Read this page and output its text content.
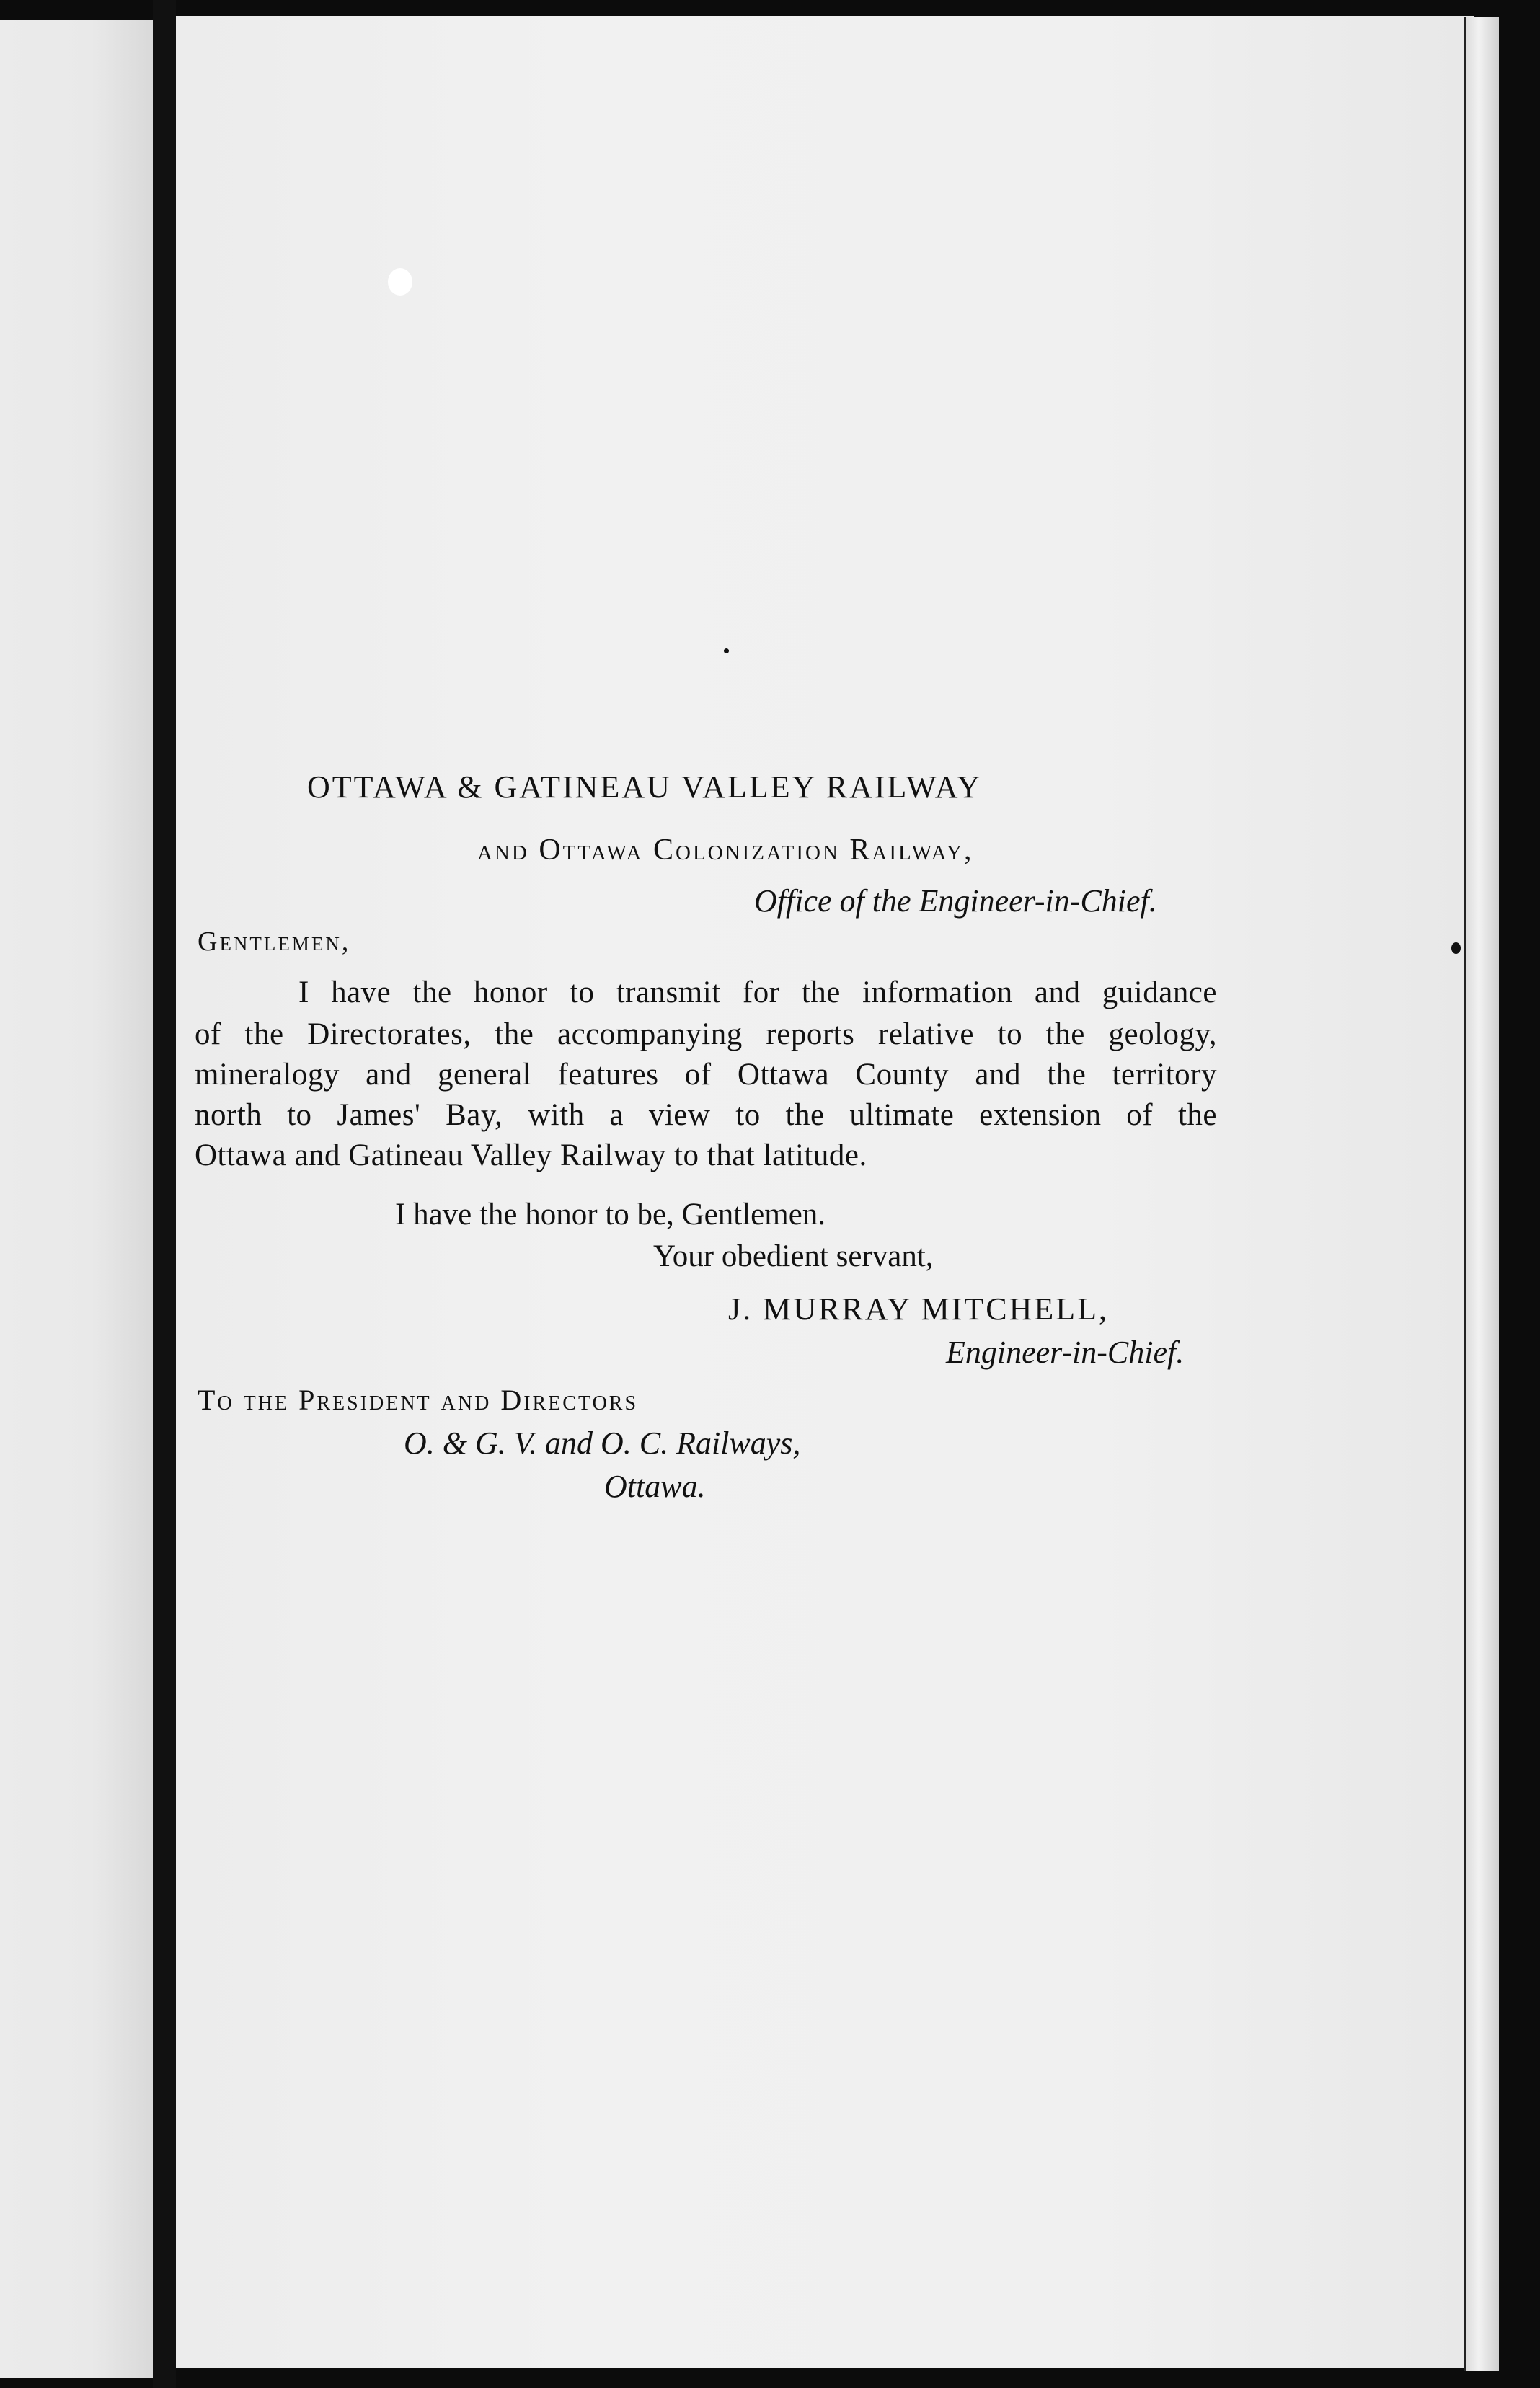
OTTAWA & GATINEAU VALLEY RAILWAY

and Ottawa Colonization Railway,

Office of the Engineer-in-Chief.

Gentlemen,

I have the honor to transmit for the information and guidance

of the Directorates, the accompanying reports relative to the geology,

mineralogy and general features of Ottawa County and the territory

north to James' Bay, with a view to the ultimate extension of the

Ottawa and Gatineau Valley Railway to that latitude.

I have the honor to be, Gentlemen.

Your obedient servant,

J. MURRAY MITCHELL,

Engineer-in-Chief.

To the President and Directors

O. & G. V. and O. C. Railways,

Ottawa.
